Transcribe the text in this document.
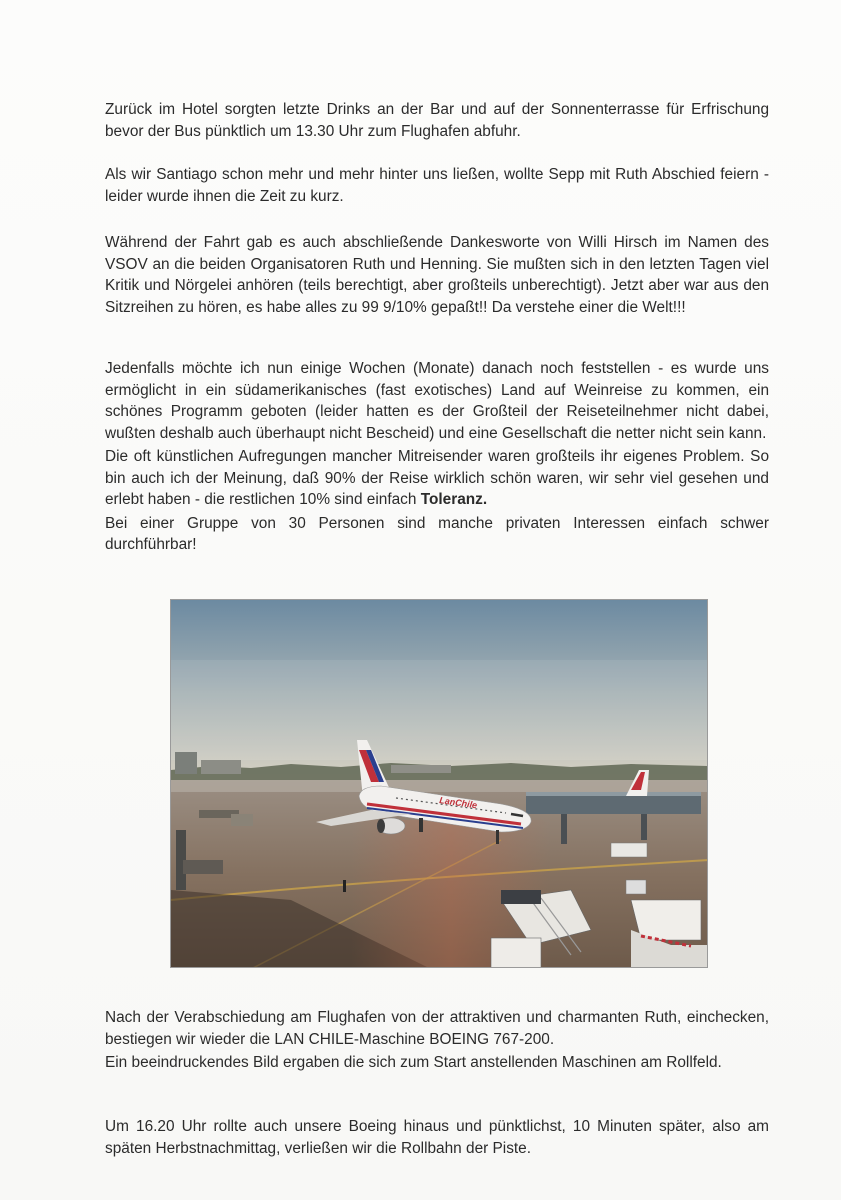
Zurück im Hotel sorgten letzte Drinks an der Bar und auf der Sonnenterrasse für Erfrischung bevor der Bus pünktlich um 13.30 Uhr zum Flughafen abfuhr.

Als wir Santiago schon mehr und mehr hinter uns ließen, wollte Sepp mit Ruth Abschied feiern - leider wurde ihnen die Zeit zu kurz.

Während der Fahrt gab es auch abschließende Dankesworte von Willi Hirsch im Namen des VSOV an die beiden Organisatoren Ruth und Henning. Sie mußten sich in den letzten Tagen viel Kritik und Nörgelei anhören (teils berechtigt, aber großteils unberechtigt). Jetzt aber war aus den Sitzreihen zu hören, es habe alles zu 99 9/10% gepaßt!! Da verstehe einer die Welt!!!

Jedenfalls möchte ich nun einige Wochen (Monate) danach noch feststellen - es wurde uns ermöglicht in ein südamerikanisches (fast exotisches) Land auf Weinreise zu kommen, ein schönes Programm geboten (leider hatten es der Großteil der Reiseteilnehmer nicht dabei, wußten deshalb auch überhaupt nicht Bescheid) und eine Gesellschaft die netter nicht sein kann.

Die oft künstlichen Aufregungen mancher Mitreisender waren großteils ihr eigenes Problem. So bin auch ich der Meinung, daß 90% der Reise wirklich schön waren, wir sehr viel gesehen und erlebt haben - die restlichen 10% sind einfach Toleranz.

Bei einer Gruppe von 30 Personen sind manche privaten Interessen einfach schwer durchführbar!

LanChile

Nach der Verabschiedung am Flughafen von der attraktiven und charmanten Ruth, einchecken, bestiegen wir wieder die LAN CHILE-Maschine BOEING 767-200.

Ein beeindruckendes Bild ergaben die sich zum Start anstellenden Maschinen am Rollfeld.

Um 16.20 Uhr rollte auch unsere Boeing hinaus und pünktlichst, 10 Minuten später, also am späten Herbstnachmittag, verließen wir die Rollbahn der Piste.
